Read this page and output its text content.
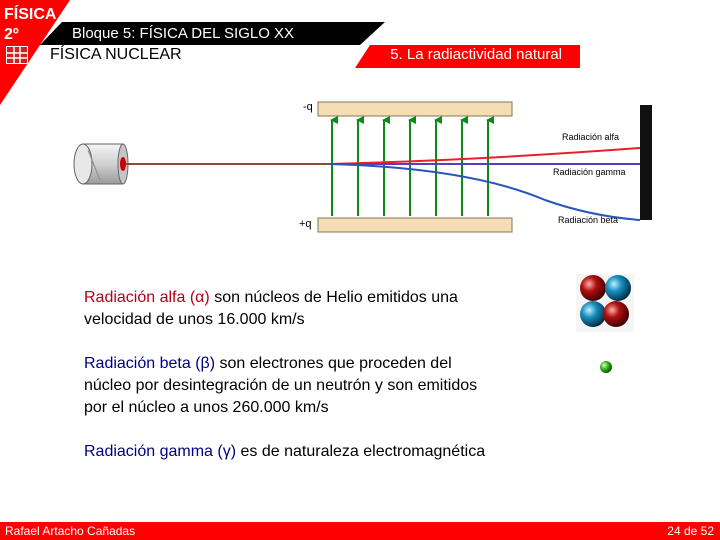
FÍSICA
2º	Bloque 5: FÍSICA DEL SIGLO XX
FÍSICA NUCLEAR	5. La radiactividad natural
-q
+q
Radiación alfa
Radiación gamma
Radiación beta
Radiación alfa (α) son núcleos de Helio emitidos una
velocidad de unos 16.000 km/s
Radiación beta (β) son electrones que proceden del
núcleo por desintegración de un neutrón y son emitidos
por el núcleo a unos 260.000 km/s
Radiación gamma (γ) es de naturaleza electromagnética
Rafael Artacho Cañadas	24 de 52
